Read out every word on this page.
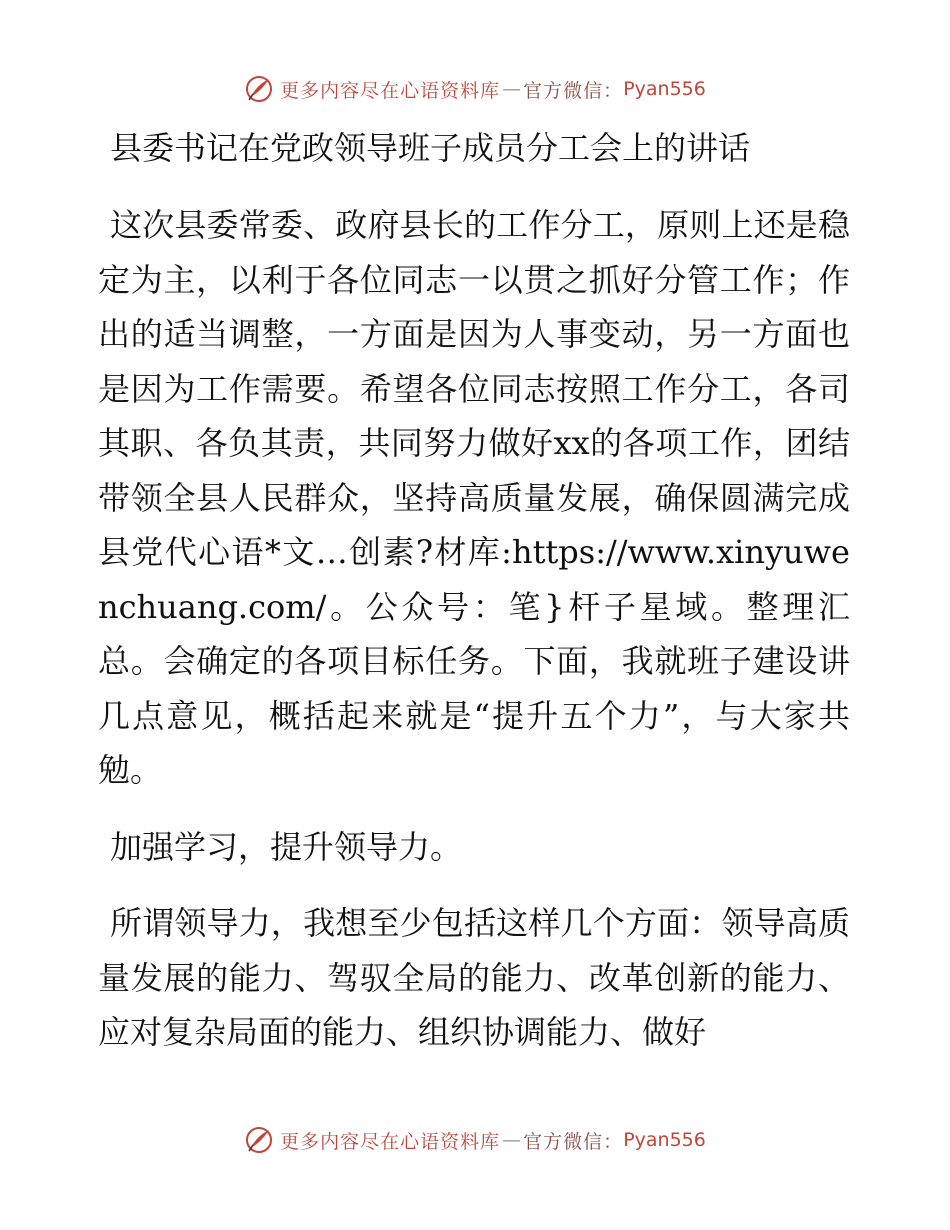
更多内容尽在心语资料库 — 官方微信： Pyan556
县委书记在党政领导班子成员分工会上的讲话

这次县委常委、政府县长的工作分工，原则上还是稳定为主，以利于各位同志一以贯之抓好分管工作；作出的适当调整，一方面是因为人事变动，另一方面也是因为工作需要。希望各位同志按照工作分工，各司其职、各负其责，共同努力做好xx的各项工作，团结带领全县人民群众，坚持高质量发展，确保圆满完成县党代心语*文…创素?材库:https://www.xinyuwenchuang.com/。公众号：笔}杆子星域。整理汇总。会确定的各项目标任务。下面，我就班子建设讲几点意见，概括起来就是“提升五个力”，与大家共勉。

加强学习，提升领导力。

所谓领导力，我想至少包括这样几个方面：领导高质量发展的能力、驾驭全局的能力、改革创新的能力、应对复杂局面的能力、组织协调能力、做好

更多内容尽在心语资料库 — 官方微信： Pyan556
